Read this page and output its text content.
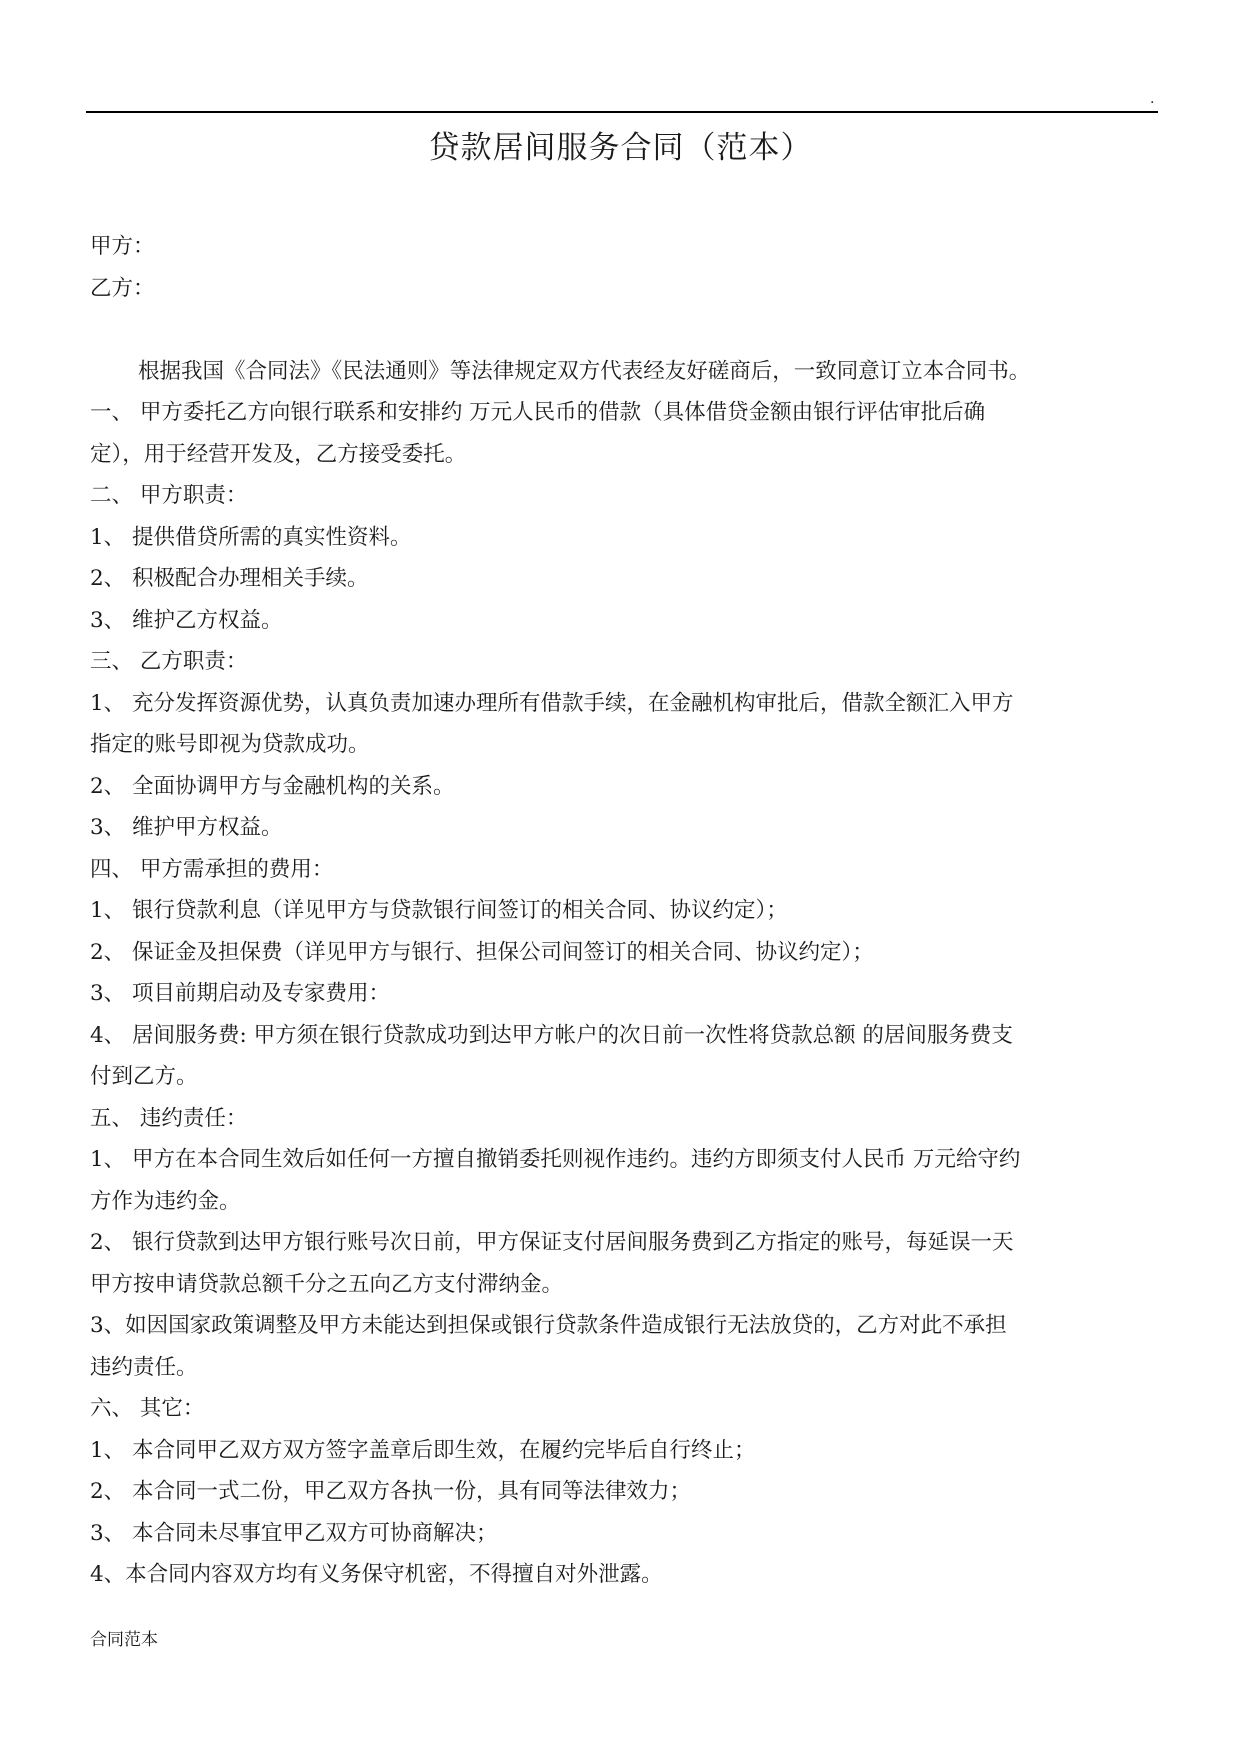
.
贷款居间服务合同（范本）
甲方：
乙方：
根据我国《合同法》《民法通则》等法律规定双方代表经友好磋商后，一致同意订立本合同书。
一、 甲方委托乙方向银行联系和安排约 万元人民币的借款（具体借贷金额由银行评估审批后确
定），用于经营开发及，乙方接受委托。
二、 甲方职责：
1、 提供借贷所需的真实性资料。
2、 积极配合办理相关手续。
3、 维护乙方权益。
三、 乙方职责：
1、 充分发挥资源优势，认真负责加速办理所有借款手续，在金融机构审批后，借款全额汇入甲方
指定的账号即视为贷款成功。
2、 全面协调甲方与金融机构的关系。
3、 维护甲方权益。
四、 甲方需承担的费用：
1、 银行贷款利息（详见甲方与贷款银行间签订的相关合同、协议约定）；
2、 保证金及担保费（详见甲方与银行、担保公司间签订的相关合同、协议约定）；
3、 项目前期启动及专家费用：
4、 居间服务费: 甲方须在银行贷款成功到达甲方帐户的次日前一次性将贷款总额 的居间服务费支
付到乙方。
五、 违约责任：
1、 甲方在本合同生效后如任何一方擅自撤销委托则视作违约。违约方即须支付人民币 万元给守约
方作为违约金。
2、 银行贷款到达甲方银行账号次日前，甲方保证支付居间服务费到乙方指定的账号，每延误一天
甲方按申请贷款总额千分之五向乙方支付滞纳金。
3、如因国家政策调整及甲方未能达到担保或银行贷款条件造成银行无法放贷的，乙方对此不承担
违约责任。
六、 其它：
1、 本合同甲乙双方双方签字盖章后即生效，在履约完毕后自行终止；
2、 本合同一式二份，甲乙双方各执一份，具有同等法律效力；
3、 本合同未尽事宜甲乙双方可协商解决；
4、本合同内容双方均有义务保守机密，不得擅自对外泄露。
合同范本
